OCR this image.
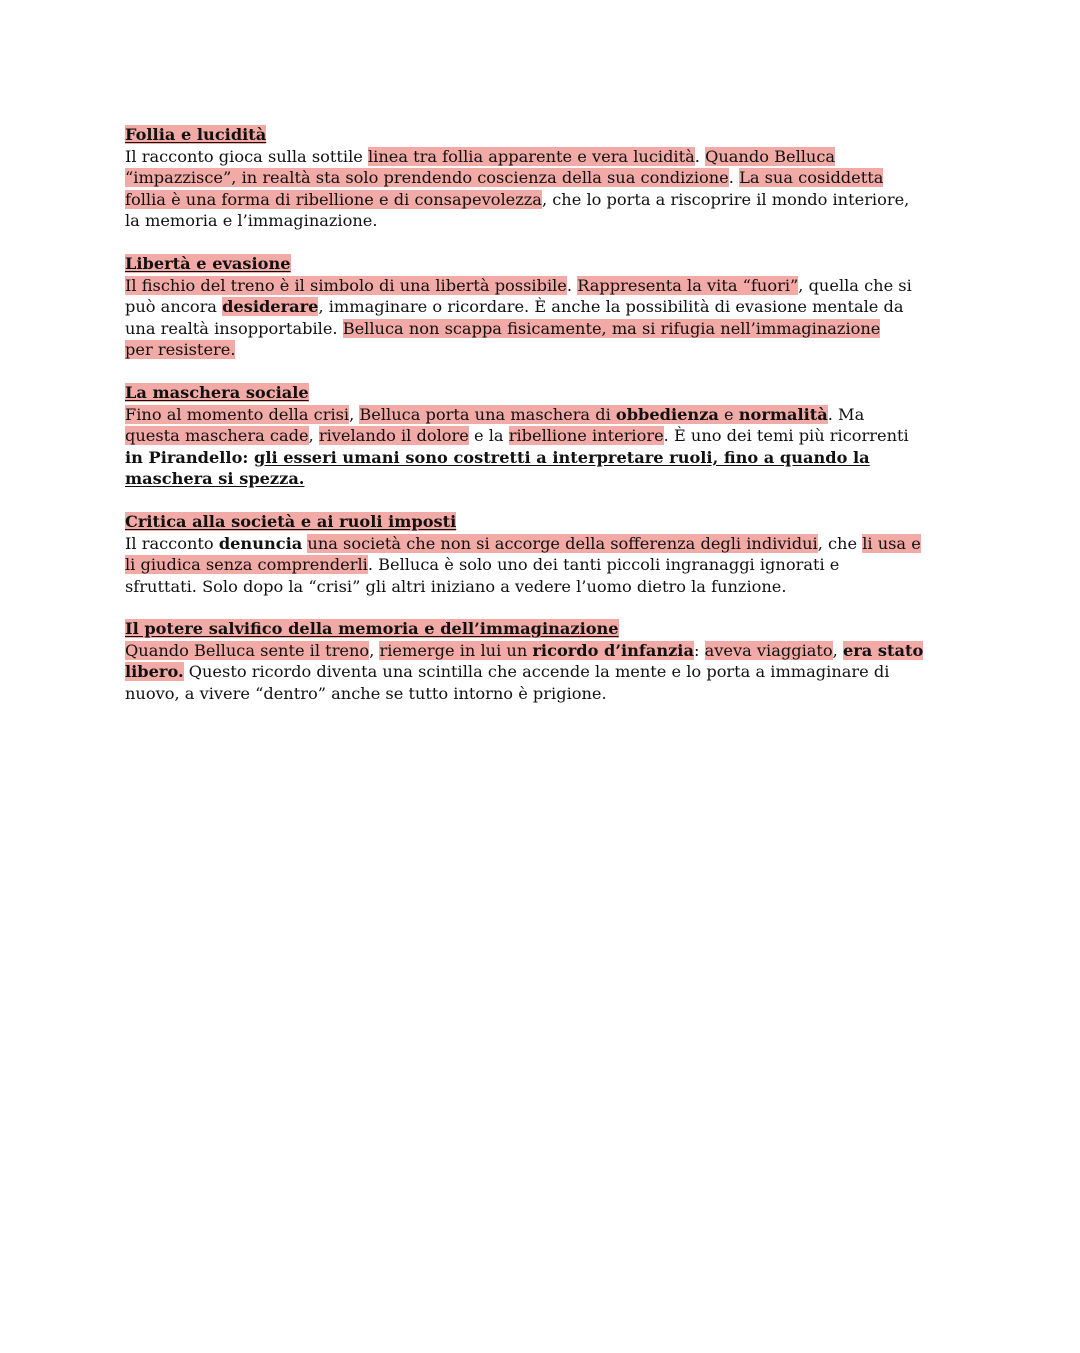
Follia e lucidità
Il racconto gioca sulla sottile linea tra follia apparente e vera lucidità. Quando Belluca
“impazzisce”, in realtà sta solo prendendo coscienza della sua condizione. La sua cosiddetta
follia è una forma di ribellione e di consapevolezza, che lo porta a riscoprire il mondo interiore,
la memoria e l’immaginazione.
Libertà e evasione
Il fischio del treno è il simbolo di una libertà possibile. Rappresenta la vita “fuori”, quella che si
può ancora desiderare, immaginare o ricordare. È anche la possibilità di evasione mentale da
una realtà insopportabile. Belluca non scappa fisicamente, ma si rifugia nell’immaginazione
per resistere.
La maschera sociale
Fino al momento della crisi, Belluca porta una maschera di obbedienza e normalità. Ma
questa maschera cade, rivelando il dolore e la ribellione interiore. È uno dei temi più ricorrenti
in Pirandello: gli esseri umani sono costretti a interpretare ruoli, fino a quando la
maschera si spezza.
Critica alla società e ai ruoli imposti
Il racconto denuncia una società che non si accorge della sofferenza degli individui, che li usa e
li giudica senza comprenderli. Belluca è solo uno dei tanti piccoli ingranaggi ignorati e
sfruttati. Solo dopo la “crisi” gli altri iniziano a vedere l’uomo dietro la funzione.
Il potere salvifico della memoria e dell’immaginazione
Quando Belluca sente il treno, riemerge in lui un ricordo d’infanzia: aveva viaggiato, era stato
libero. Questo ricordo diventa una scintilla che accende la mente e lo porta a immaginare di
nuovo, a vivere “dentro” anche se tutto intorno è prigione.
